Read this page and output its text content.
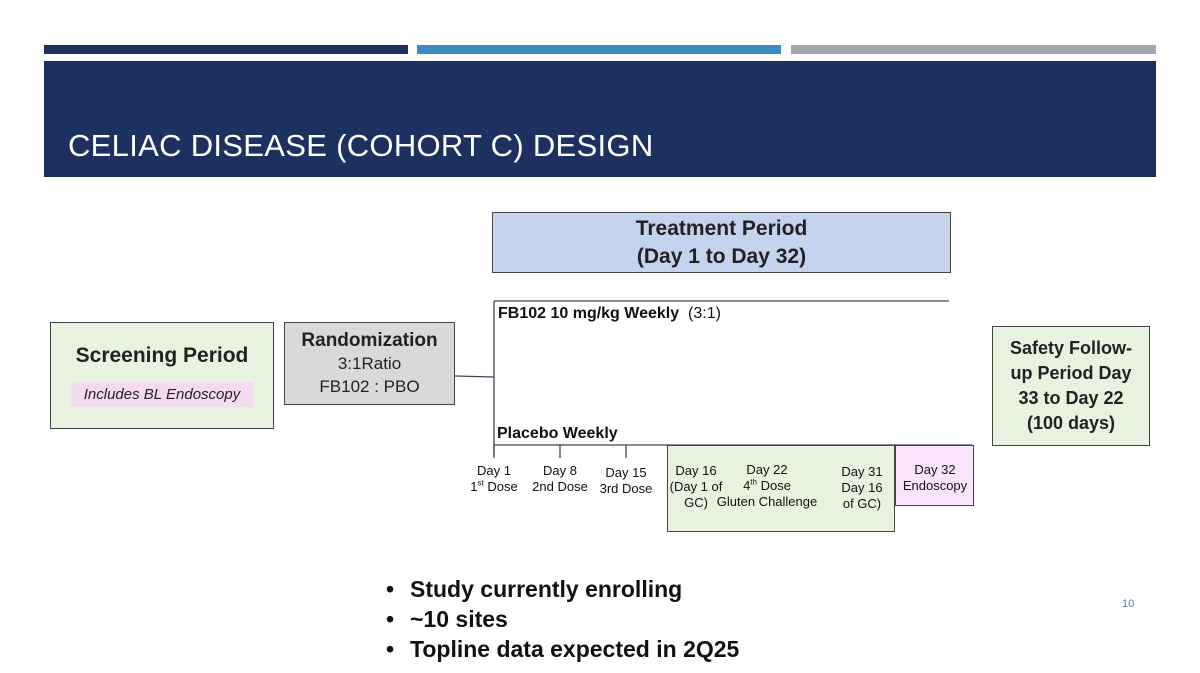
CELIAC DISEASE (COHORT C) DESIGN
Treatment Period
(Day 1 to Day 32)
FB102 10 mg/kg Weekly (3:1)
Placebo Weekly
Screening Period
Includes BL Endoscopy
Randomization
3:1Ratio
FB102 : PBO
Safety Follow-
up Period Day
33 to Day 22
(100 days)
Day 1
1st Dose
Day 8
2nd Dose
Day 15
3rd Dose
Day 16
(Day 1 of
GC)
Day 22
4th Dose
Gluten Challenge
Day 31
Day 16
of GC)
Day 32
Endoscopy
• Study currently enrolling
• ~10 sites
• Topline data expected in 2Q25
10
